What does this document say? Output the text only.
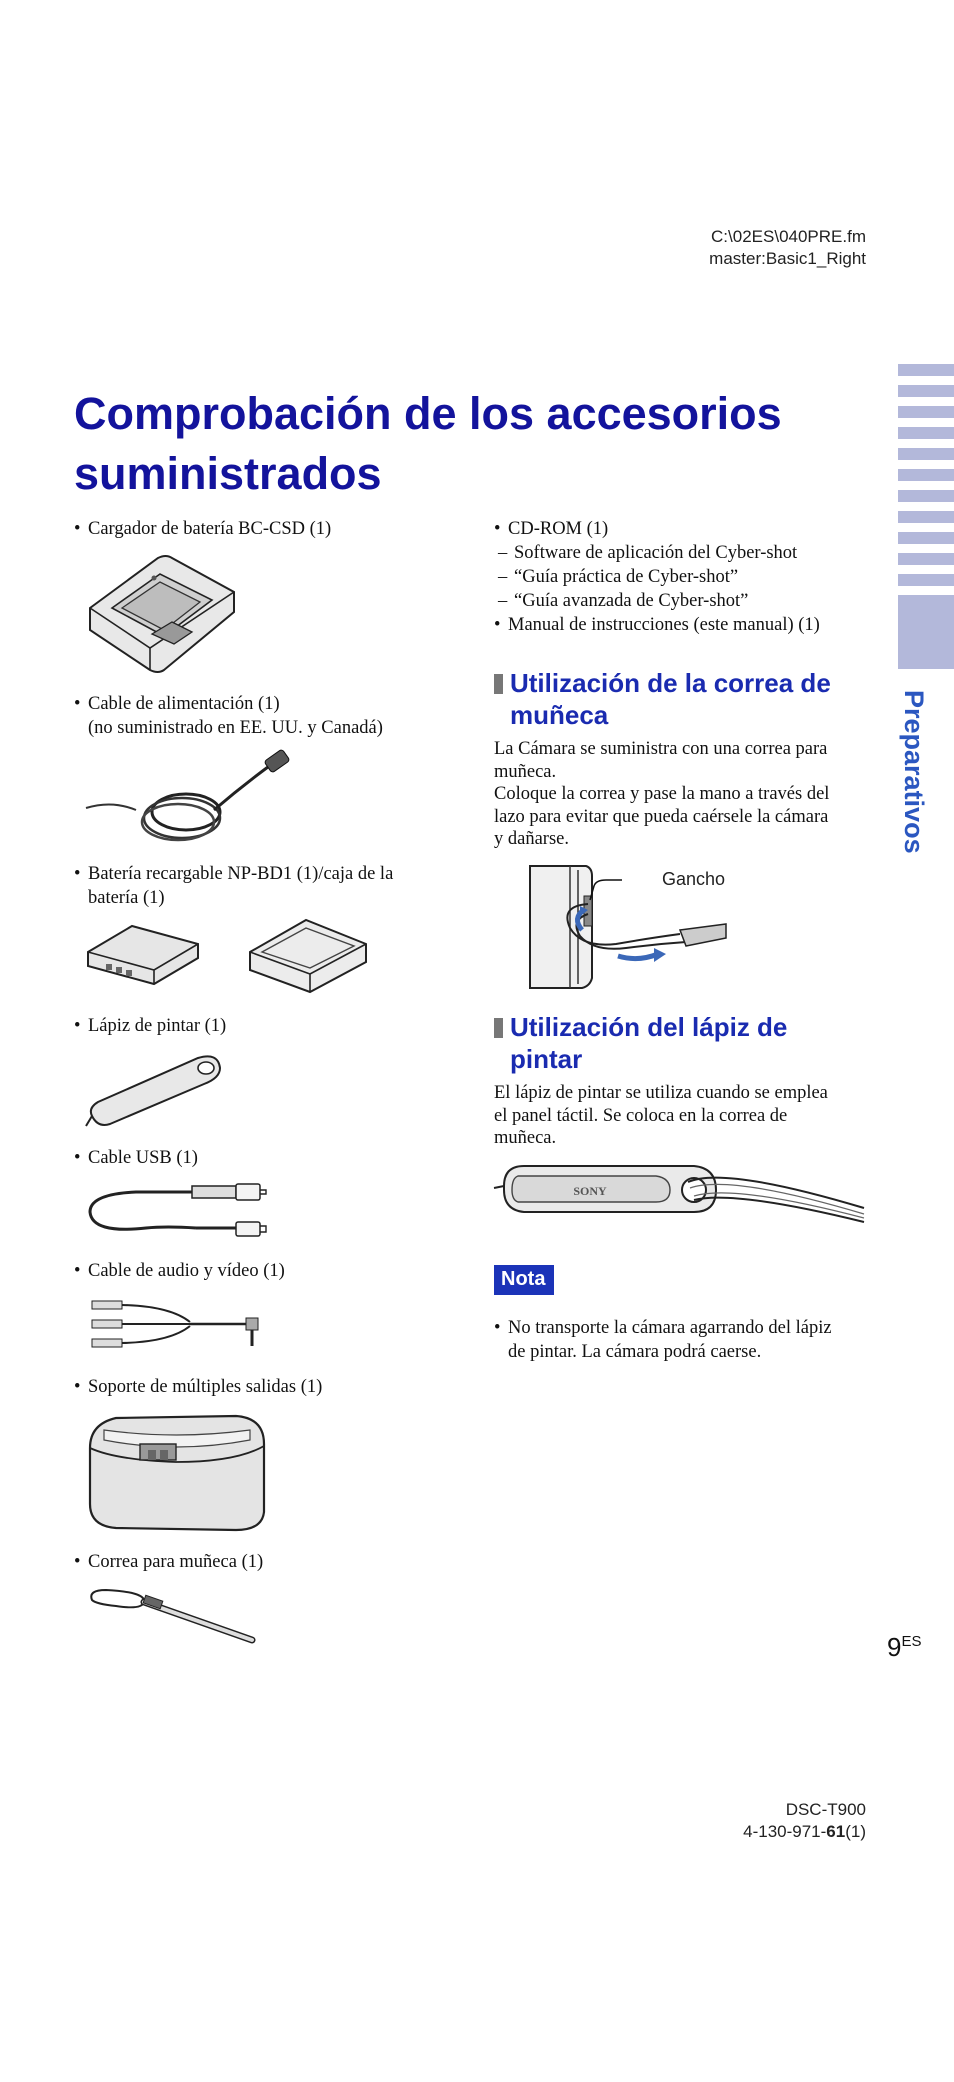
C:\02ES\040PRE.fm
master:Basic1_Right
Preparativos
Comprobación de los accesorios suministrados
• Cargador de batería BC-CSD (1)
• Cable de alimentación (1)
(no suministrado en EE. UU. y Canadá)
• Batería recargable NP-BD1 (1)/caja de la
batería (1)
• Lápiz de pintar (1)
• Cable USB (1)
• Cable de audio y vídeo (1)
• Soporte de múltiples salidas (1)
• Correa para muñeca (1)
• CD-ROM (1)
– Software de aplicación del Cyber-shot
– “Guía práctica de Cyber-shot”
– “Guía avanzada de Cyber-shot”
• Manual de instrucciones (este manual) (1)
Utilización de la correa de
muñeca
La Cámara se suministra con una correa para
muñeca.
Coloque la correa y pase la mano a través del
lazo para evitar que pueda caérsele la cámara
y dañarse.
Gancho
Utilización del lápiz de
pintar
El lápiz de pintar se utiliza cuando se emplea
el panel táctil. Se coloca en la correa de
muñeca.
SONY
Nota
• No transporte la cámara agarrando del lápiz
de pintar. La cámara podrá caerse.
$9^{ES}$
DSC-T900
4-130-971-61(1)
